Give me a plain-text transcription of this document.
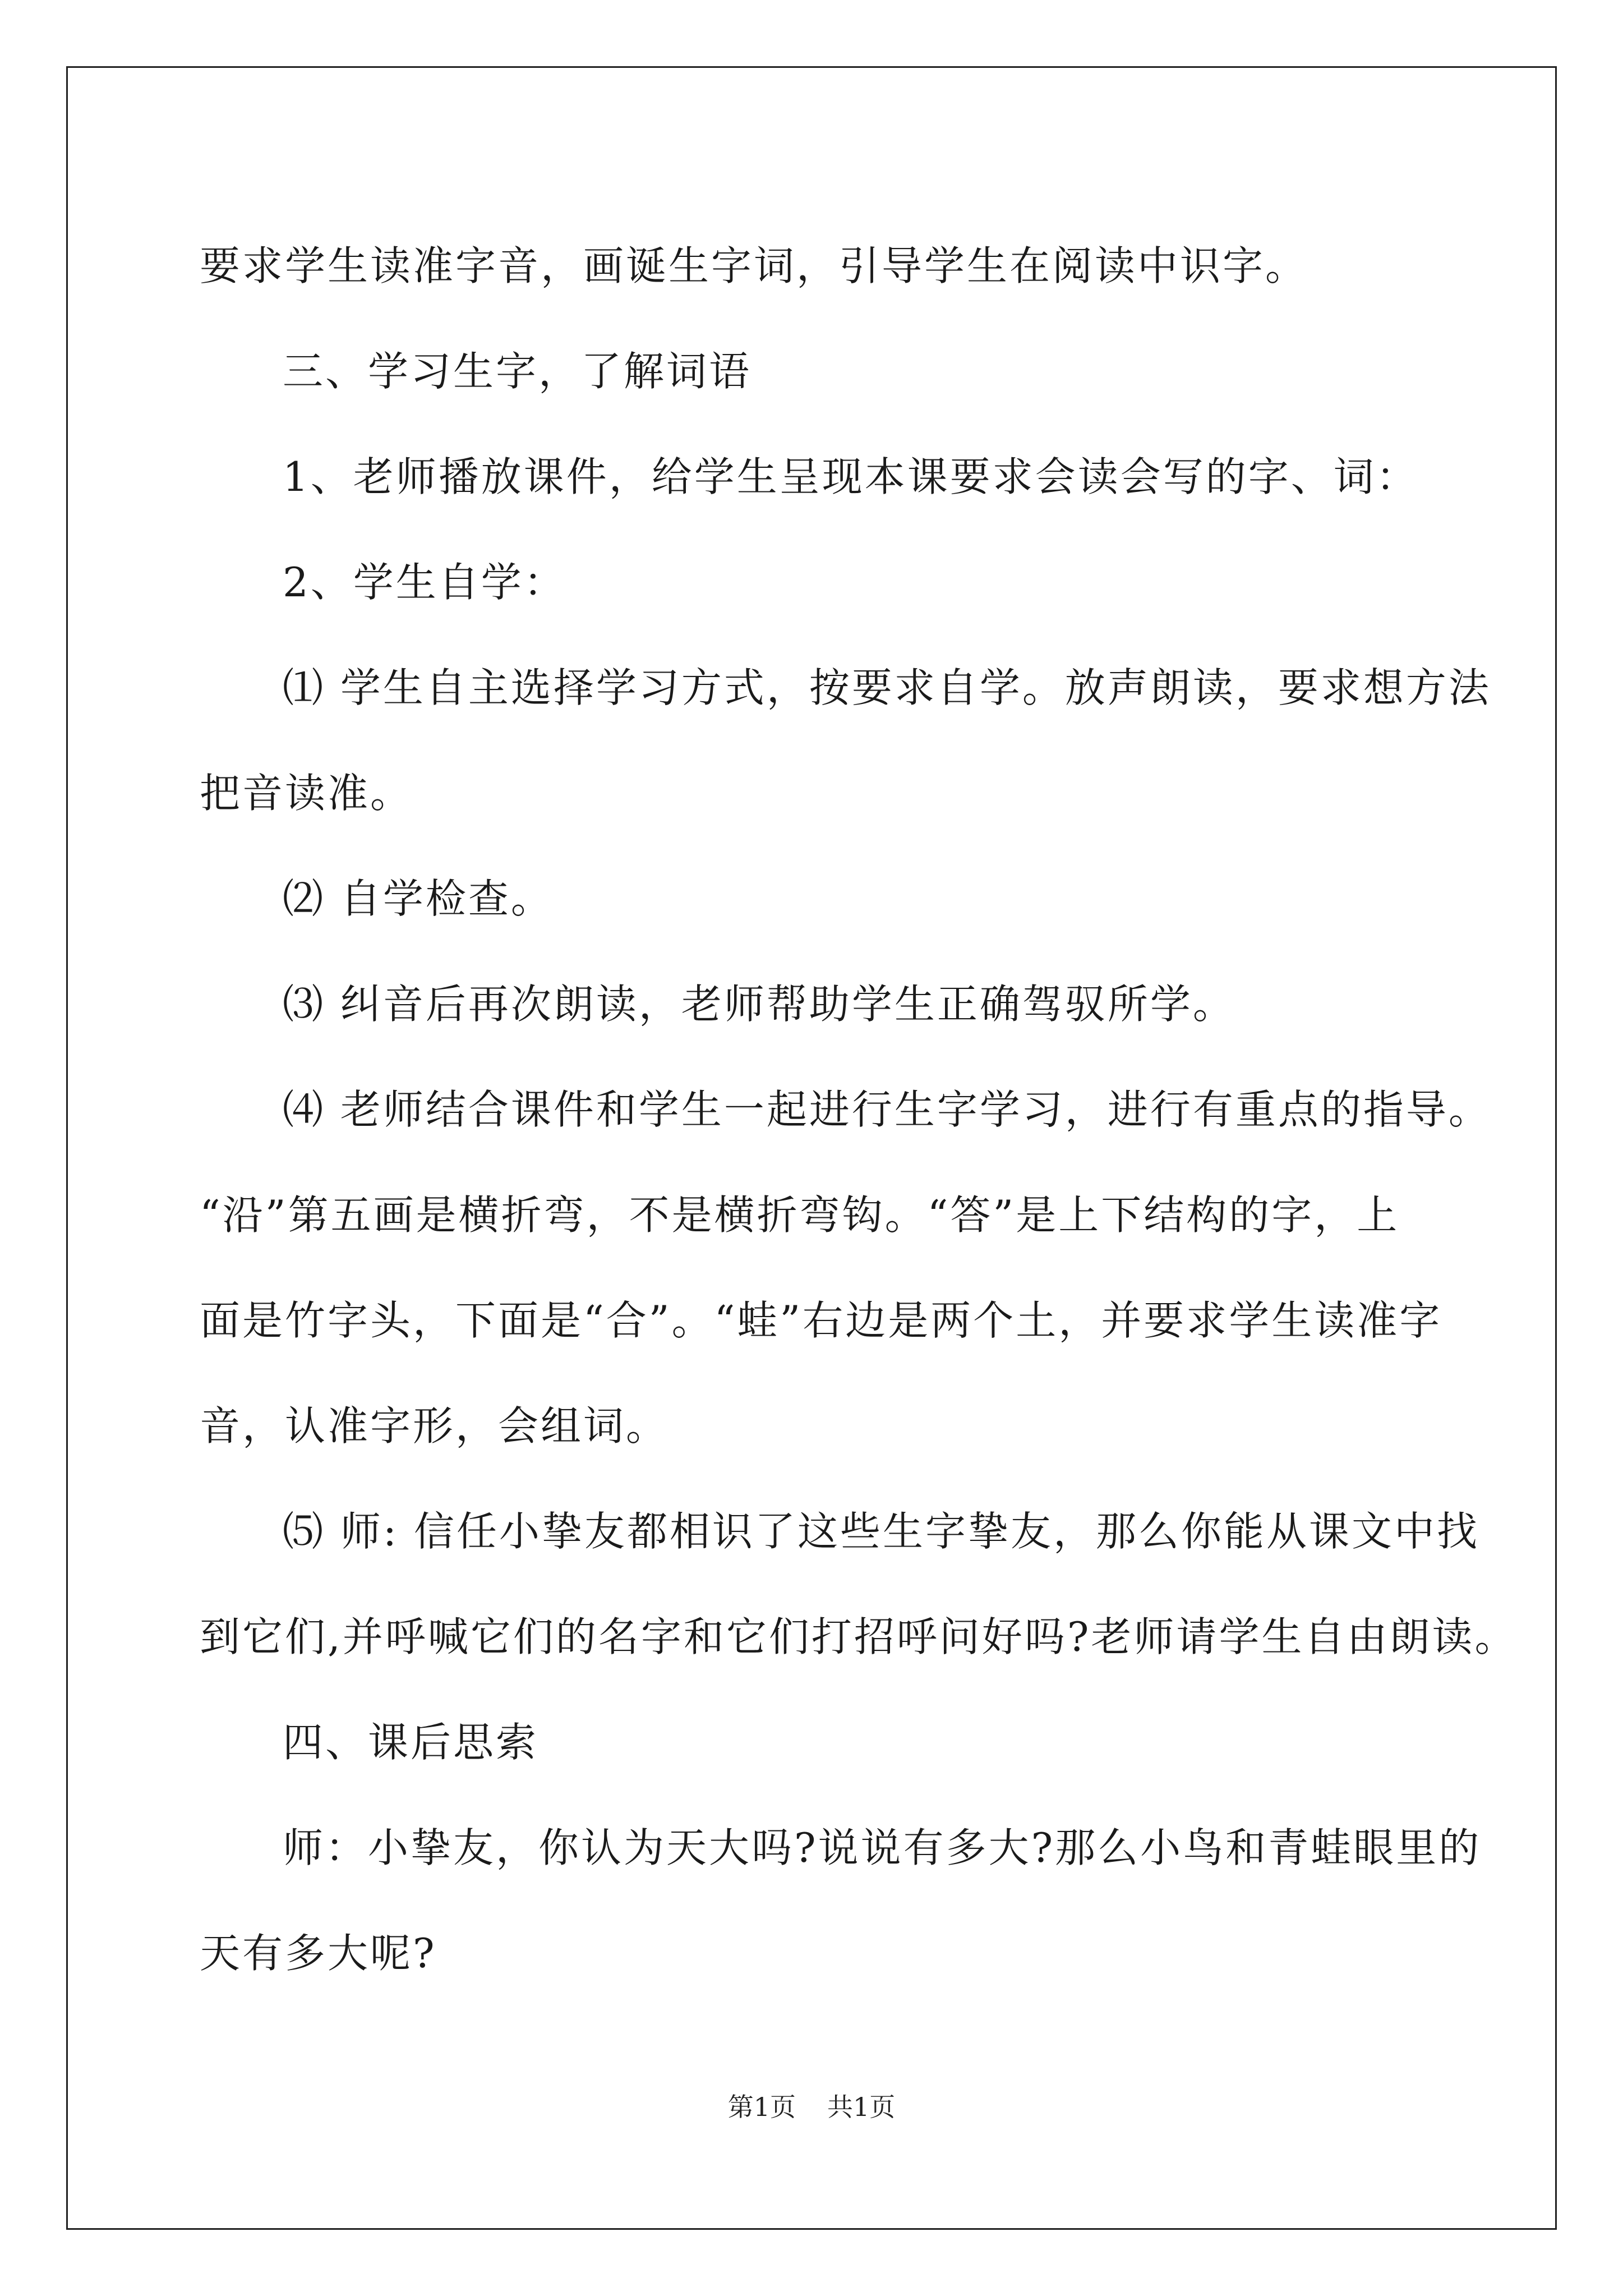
要求学生读准字音，画诞生字词，引导学生在阅读中识字。

三、学习生字，了解词语

1、老师播放课件，给学生呈现本课要求会读会写的字、词：

2、学生自学：

⑴ 学生自主选择学习方式，按要求自学。放声朗读，要求想方法

把音读准。

⑵ 自学检查。

⑶ 纠音后再次朗读，老师帮助学生正确驾驭所学。

⑷ 老师结合课件和学生一起进行生字学习，进行有重点的指导。

“沿”第五画是横折弯，不是横折弯钩。“答”是上下结构的字，上

面是竹字头，下面是“合”。“蛙”右边是两个土，并要求学生读准字

音，认准字形，会组词。

⑸ 师: 信任小挚友都相识了这些生字挚友，那么你能从课文中找

到它们,并呼喊它们的名字和它们打招呼问好吗?老师请学生自由朗读。

四、课后思索

师：小挚友，你认为天大吗?说说有多大?那么小鸟和青蛙眼里的

天有多大呢?

第1页 共1页
